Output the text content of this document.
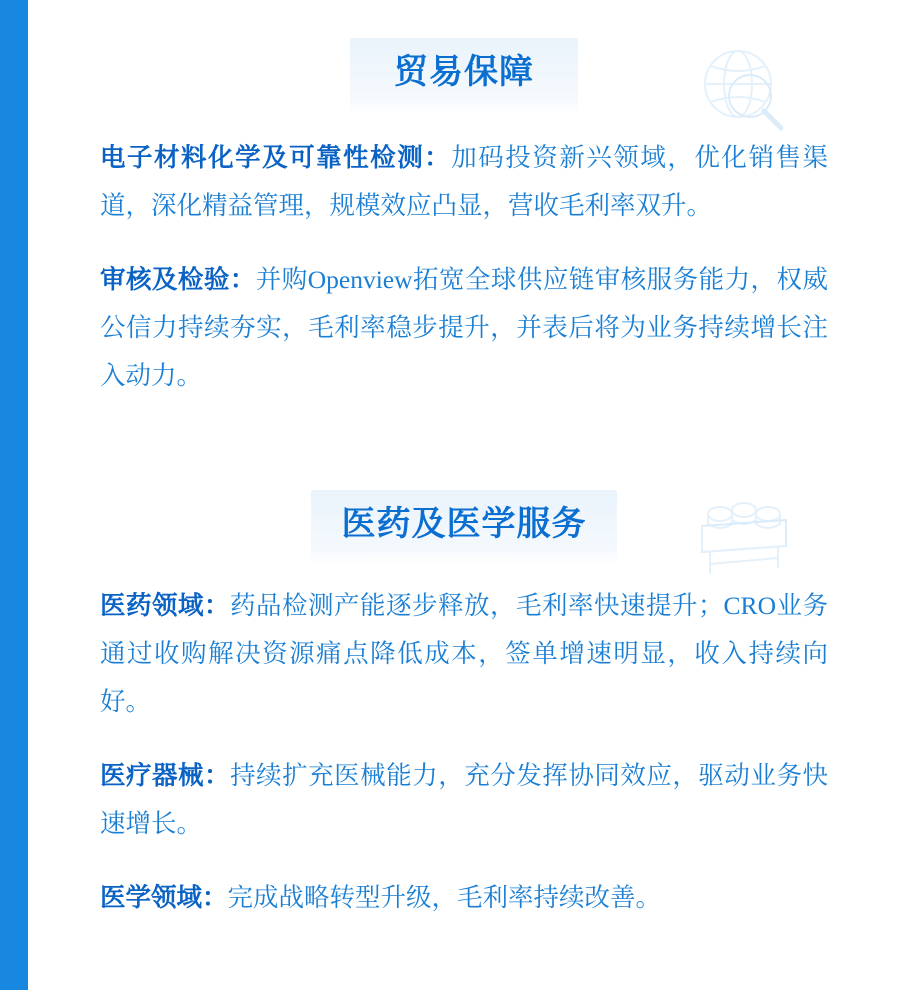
贸易保障

电子材料化学及可靠性检测：加码投资新兴领域，优化销售渠道，深化精益管理，规模效应凸显，营收毛利率双升。

审核及检验：并购Openview拓宽全球供应链审核服务能力，权威公信力持续夯实，毛利率稳步提升，并表后将为业务持续增长注入动力。

医药及医学服务

医药领域：药品检测产能逐步释放，毛利率快速提升；CRO业务通过收购解决资源痛点降低成本，签单增速明显，收入持续向好。

医疗器械：持续扩充医械能力，充分发挥协同效应，驱动业务快速增长。

医学领域：完成战略转型升级，毛利率持续改善。
